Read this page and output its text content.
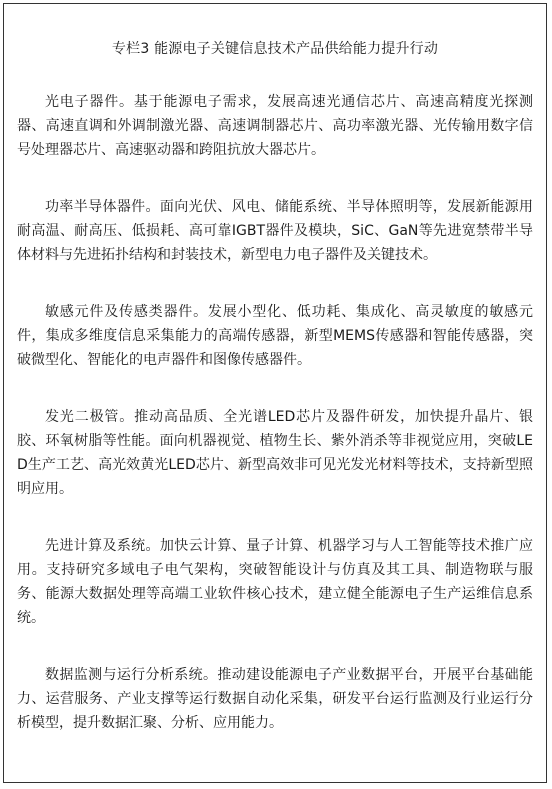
专栏3 能源电子关键信息技术产品供给能力提升行动

光电子器件。基于能源电子需求，发展高速光通信芯片、高速高精度光探测器、高速直调和外调制激光器、高速调制器芯片、高功率激光器、光传输用数字信号处理器芯片、高速驱动器和跨阻抗放大器芯片。

功率半导体器件。面向光伏、风电、储能系统、半导体照明等，发展新能源用耐高温、耐高压、低损耗、高可靠IGBT器件及模块，SiC、GaN等先进宽禁带半导体材料与先进拓扑结构和封装技术，新型电力电子器件及关键技术。

敏感元件及传感类器件。发展小型化、低功耗、集成化、高灵敏度的敏感元件，集成多维度信息采集能力的高端传感器，新型MEMS传感器和智能传感器，突破微型化、智能化的电声器件和图像传感器件。

发光二极管。推动高品质、全光谱LED芯片及器件研发，加快提升晶片、银胶、环氧树脂等性能。面向机器视觉、植物生长、紫外消杀等非视觉应用，突破LED生产工艺、高光效黄光LED芯片、新型高效非可见光发光材料等技术，支持新型照明应用。

先进计算及系统。加快云计算、量子计算、机器学习与人工智能等技术推广应用。支持研究多域电子电气架构，突破智能设计与仿真及其工具、制造物联与服务、能源大数据处理等高端工业软件核心技术，建立健全能源电子生产运维信息系统。

数据监测与运行分析系统。推动建设能源电子产业数据平台，开展平台基础能力、运营服务、产业支撑等运行数据自动化采集，研发平台运行监测及行业运行分析模型，提升数据汇聚、分析、应用能力。
